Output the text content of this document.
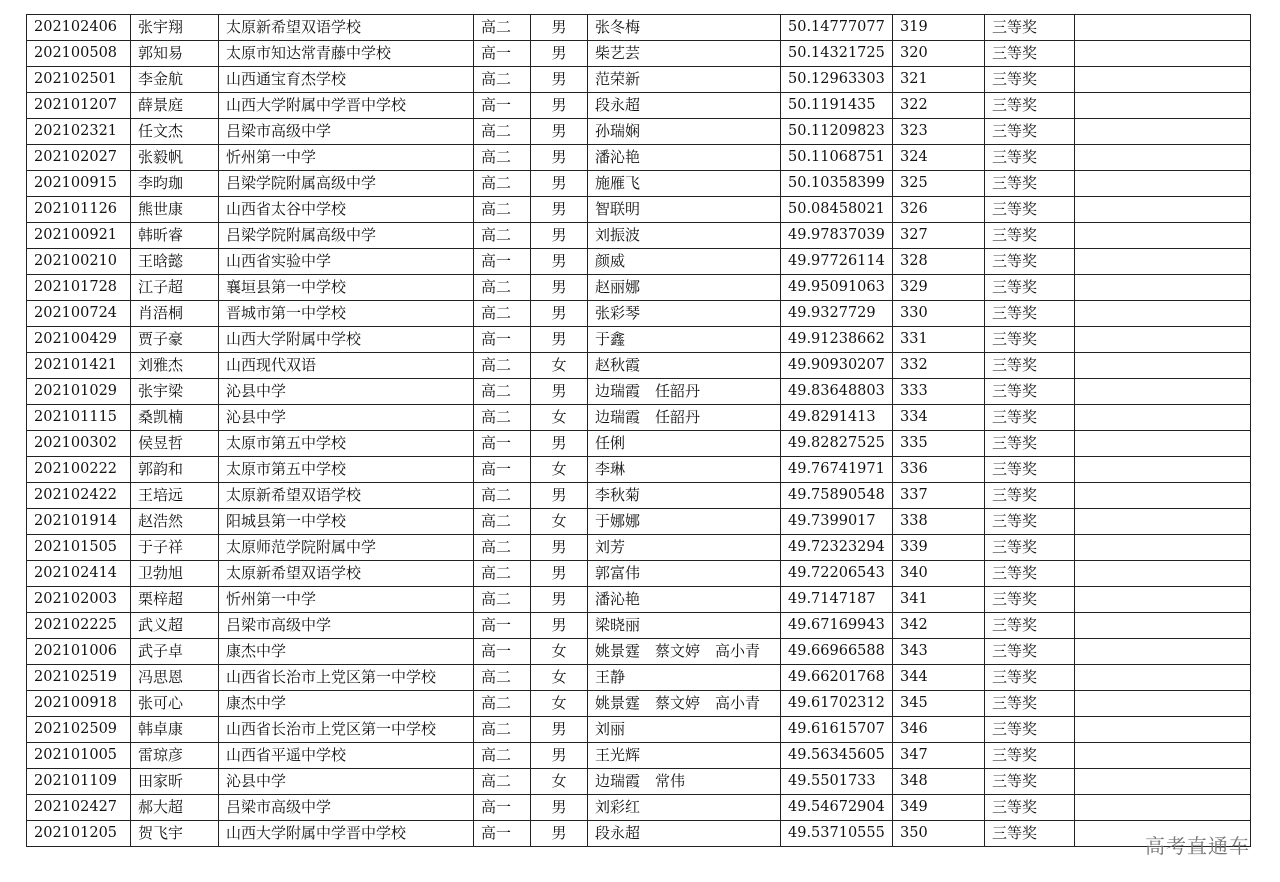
202102406	张宇翔	太原新希望双语学校	高二	男	张冬梅	50.14777077	319	三等奖	
202100508	郭知易	太原市知达常青藤中学校	高一	男	柴艺芸	50.14321725	320	三等奖	
202102501	李金航	山西通宝育杰学校	高二	男	范荣新	50.12963303	321	三等奖	
202101207	薛景庭	山西大学附属中学晋中学校	高一	男	段永超	50.1191435	322	三等奖	
202102321	任文杰	吕梁市高级中学	高二	男	孙瑞娴	50.11209823	323	三等奖	
202102027	张毅帆	忻州第一中学	高二	男	潘沁艳	50.11068751	324	三等奖	
202100915	李昀珈	吕梁学院附属高级中学	高二	男	施雁飞	50.10358399	325	三等奖	
202101126	熊世康	山西省太谷中学校	高二	男	智联明	50.08458021	326	三等奖	
202100921	韩昕睿	吕梁学院附属高级中学	高二	男	刘振波	49.97837039	327	三等奖	
202100210	王晗懿	山西省实验中学	高一	男	颜威	49.97726114	328	三等奖	
202101728	江子超	襄垣县第一中学校	高二	男	赵丽娜	49.95091063	329	三等奖	
202100724	肖浯桐	晋城市第一中学校	高二	男	张彩琴	49.9327729	330	三等奖	
202100429	贾子豪	山西大学附属中学校	高一	男	于鑫	49.91238662	331	三等奖	
202101421	刘雅杰	山西现代双语	高二	女	赵秋霞	49.90930207	332	三等奖	
202101029	张宇梁	沁县中学	高二	男	边瑞霞　任韶丹	49.83648803	333	三等奖	
202101115	桑凯楠	沁县中学	高二	女	边瑞霞　任韶丹	49.8291413	334	三等奖	
202100302	侯昱哲	太原市第五中学校	高一	男	任俐	49.82827525	335	三等奖	
202100222	郭韵和	太原市第五中学校	高一	女	李琳	49.76741971	336	三等奖	
202102422	王培远	太原新希望双语学校	高二	男	李秋菊	49.75890548	337	三等奖	
202101914	赵浩然	阳城县第一中学校	高二	女	于娜娜	49.7399017	338	三等奖	
202101505	于子祥	太原师范学院附属中学	高二	男	刘芳	49.72323294	339	三等奖	
202102414	卫勃旭	太原新希望双语学校	高二	男	郭富伟	49.72206543	340	三等奖	
202102003	栗梓超	忻州第一中学	高二	男	潘沁艳	49.7147187	341	三等奖	
202102225	武义超	吕梁市高级中学	高一	男	梁晓丽	49.67169943	342	三等奖	
202101006	武子卓	康杰中学	高一	女	姚景霆　蔡文婷　高小青	49.66966588	343	三等奖	
202102519	冯思恩	山西省长治市上党区第一中学校	高二	女	王静	49.66201768	344	三等奖	
202100918	张可心	康杰中学	高二	女	姚景霆　蔡文婷　高小青	49.61702312	345	三等奖	
202102509	韩卓康	山西省长治市上党区第一中学校	高二	男	刘丽	49.61615707	346	三等奖	
202101005	雷琼彦	山西省平遥中学校	高二	男	王光辉	49.56345605	347	三等奖	
202101109	田家昕	沁县中学	高二	女	边瑞霞　常伟	49.5501733	348	三等奖	
202102427	郝大超	吕梁市高级中学	高一	男	刘彩红	49.54672904	349	三等奖	
202101205	贺飞宇	山西大学附属中学晋中学校	高一	男	段永超	49.53710555	350	三等奖	
高考直通车
